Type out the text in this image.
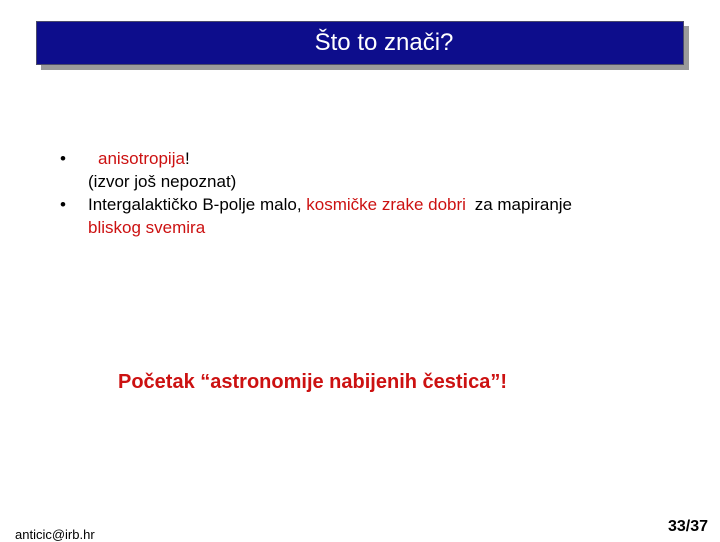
Što to znači?
•	anisotropija!
(izvor još nepoznat)
•	Intergalaktičko B-polje malo, kosmičke zrake dobri za mapiranje
bliskog svemira
Početak “astronomije nabijenih čestica”!
anticic@irb.hr	33/37
